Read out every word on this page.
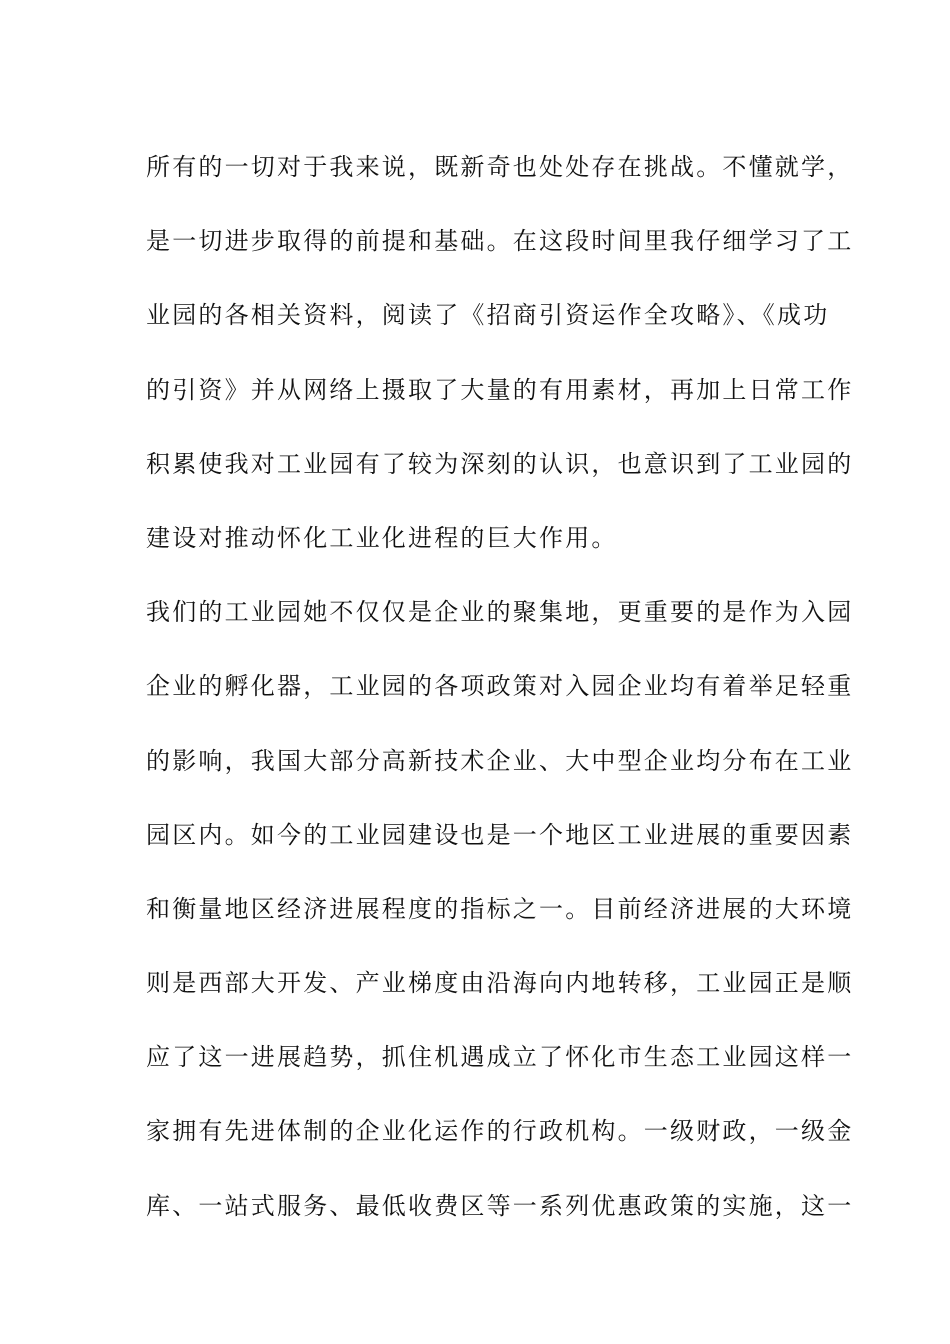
所有的一切对于我来说，既新奇也处处存在挑战。不懂就学，
是一切进步取得的前提和基础。在这段时间里我仔细学习了工
业园的各相关资料，阅读了《招商引资运作全攻略》、《成功
的引资》并从网络上摄取了大量的有用素材，再加上日常工作
积累使我对工业园有了较为深刻的认识，也意识到了工业园的
建设对推动怀化工业化进程的巨大作用。
我们的工业园她不仅仅是企业的聚集地，更重要的是作为入园
企业的孵化器，工业园的各项政策对入园企业均有着举足轻重
的影响，我国大部分高新技术企业、大中型企业均分布在工业
园区内。如今的工业园建设也是一个地区工业进展的重要因素
和衡量地区经济进展程度的指标之一。目前经济进展的大环境
则是西部大开发、产业梯度由沿海向内地转移，工业园正是顺
应了这一进展趋势，抓住机遇成立了怀化市生态工业园这样一
家拥有先进体制的企业化运作的行政机构。一级财政，一级金
库、一站式服务、最低收费区等一系列优惠政策的实施，这一
